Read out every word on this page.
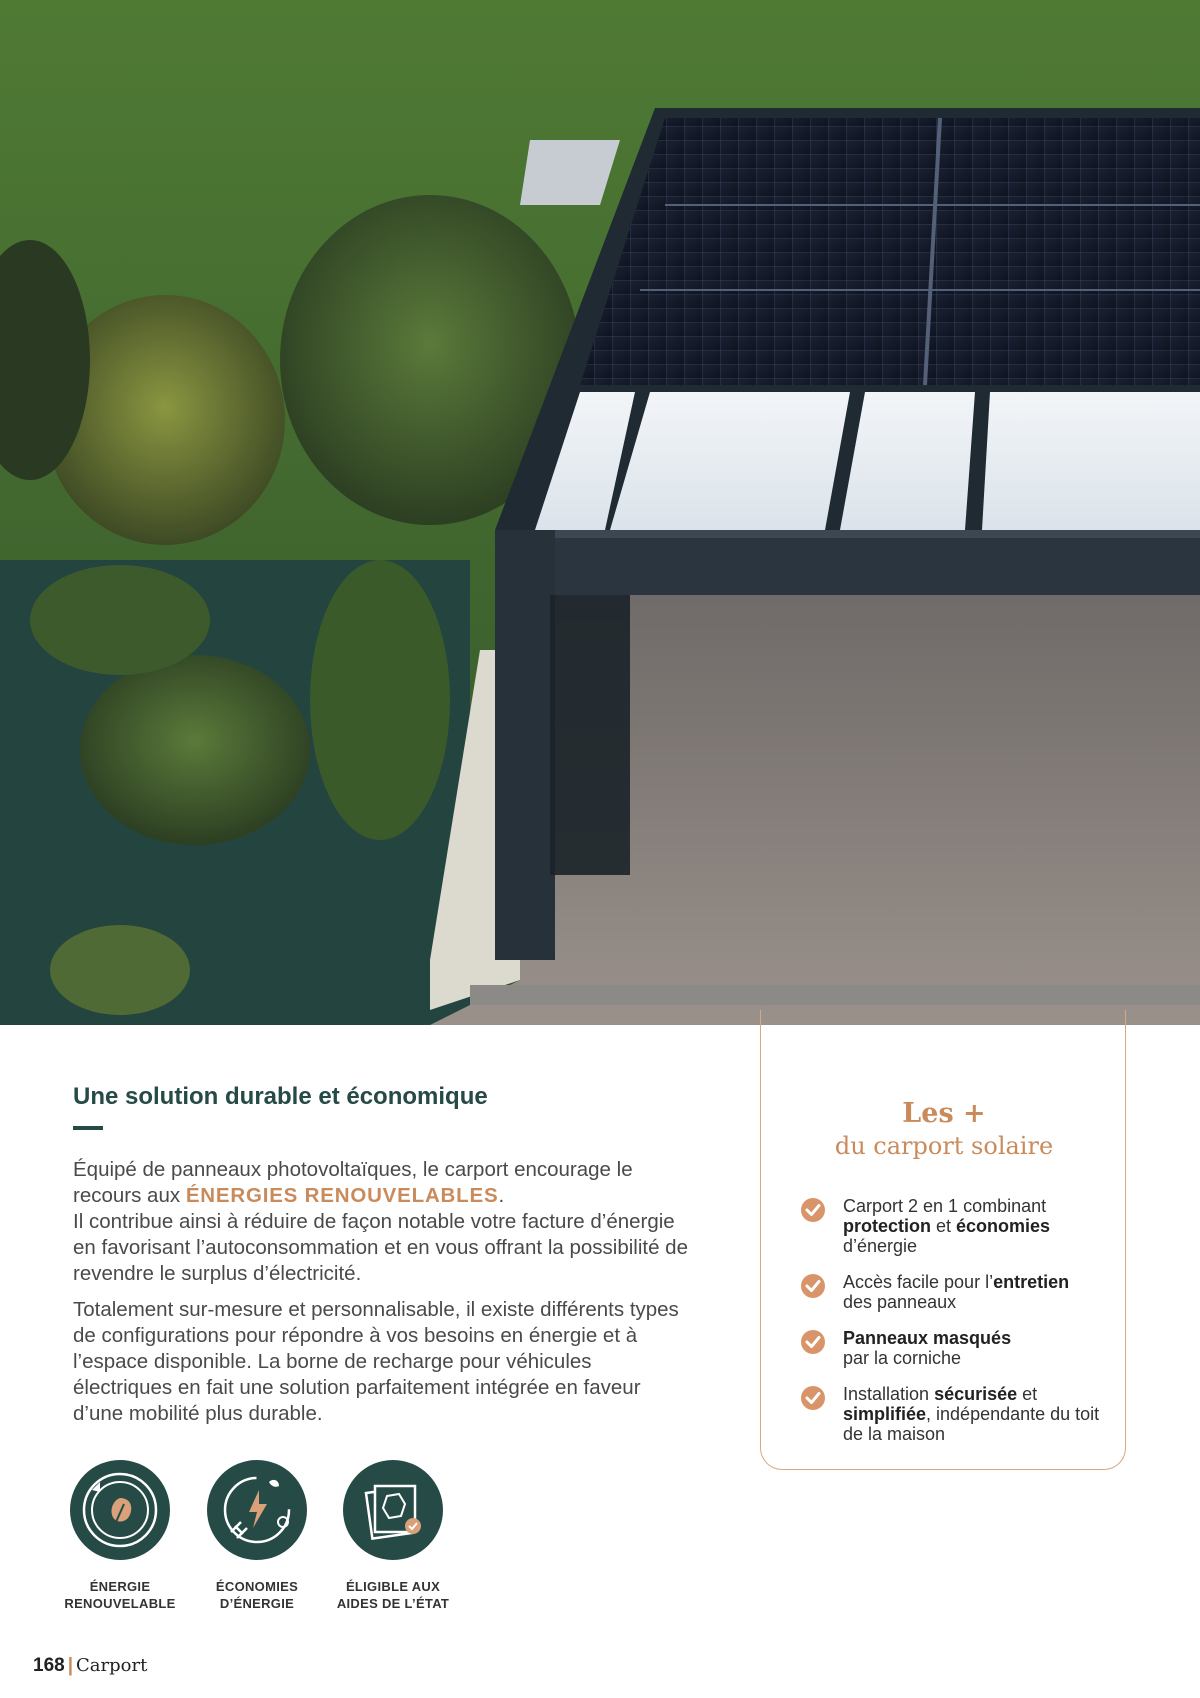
Une solution durable et économique

Équipé de panneaux photovoltaïques, le carport encourage le recours aux ÉNERGIES RENOUVELABLES.
Il contribue ainsi à réduire de façon notable votre facture d’énergie en favorisant l’autoconsommation et en vous offrant la possibilité de revendre le surplus d’électricité.

Totalement sur-mesure et personnalisable, il existe différents types de configurations pour répondre à vos besoins en énergie et à l’espace disponible. La borne de recharge pour véhicules électriques en fait une solution parfaitement intégrée en faveur d’une mobilité plus durable.

ÉNERGIE
RENOUVELABLE
ÉCONOMIES
D’ÉNERGIE
ÉLIGIBLE AUX
AIDES DE L’ÉTAT
Les +
du carport solaire
Carport 2 en 1 combinant protection et économies d’énergie
Accès facile pour l’entretien des panneaux
Panneaux masqués
par la corniche
Installation sécurisée et simplifiée, indépendante du toit de la maison
168 | Carport
